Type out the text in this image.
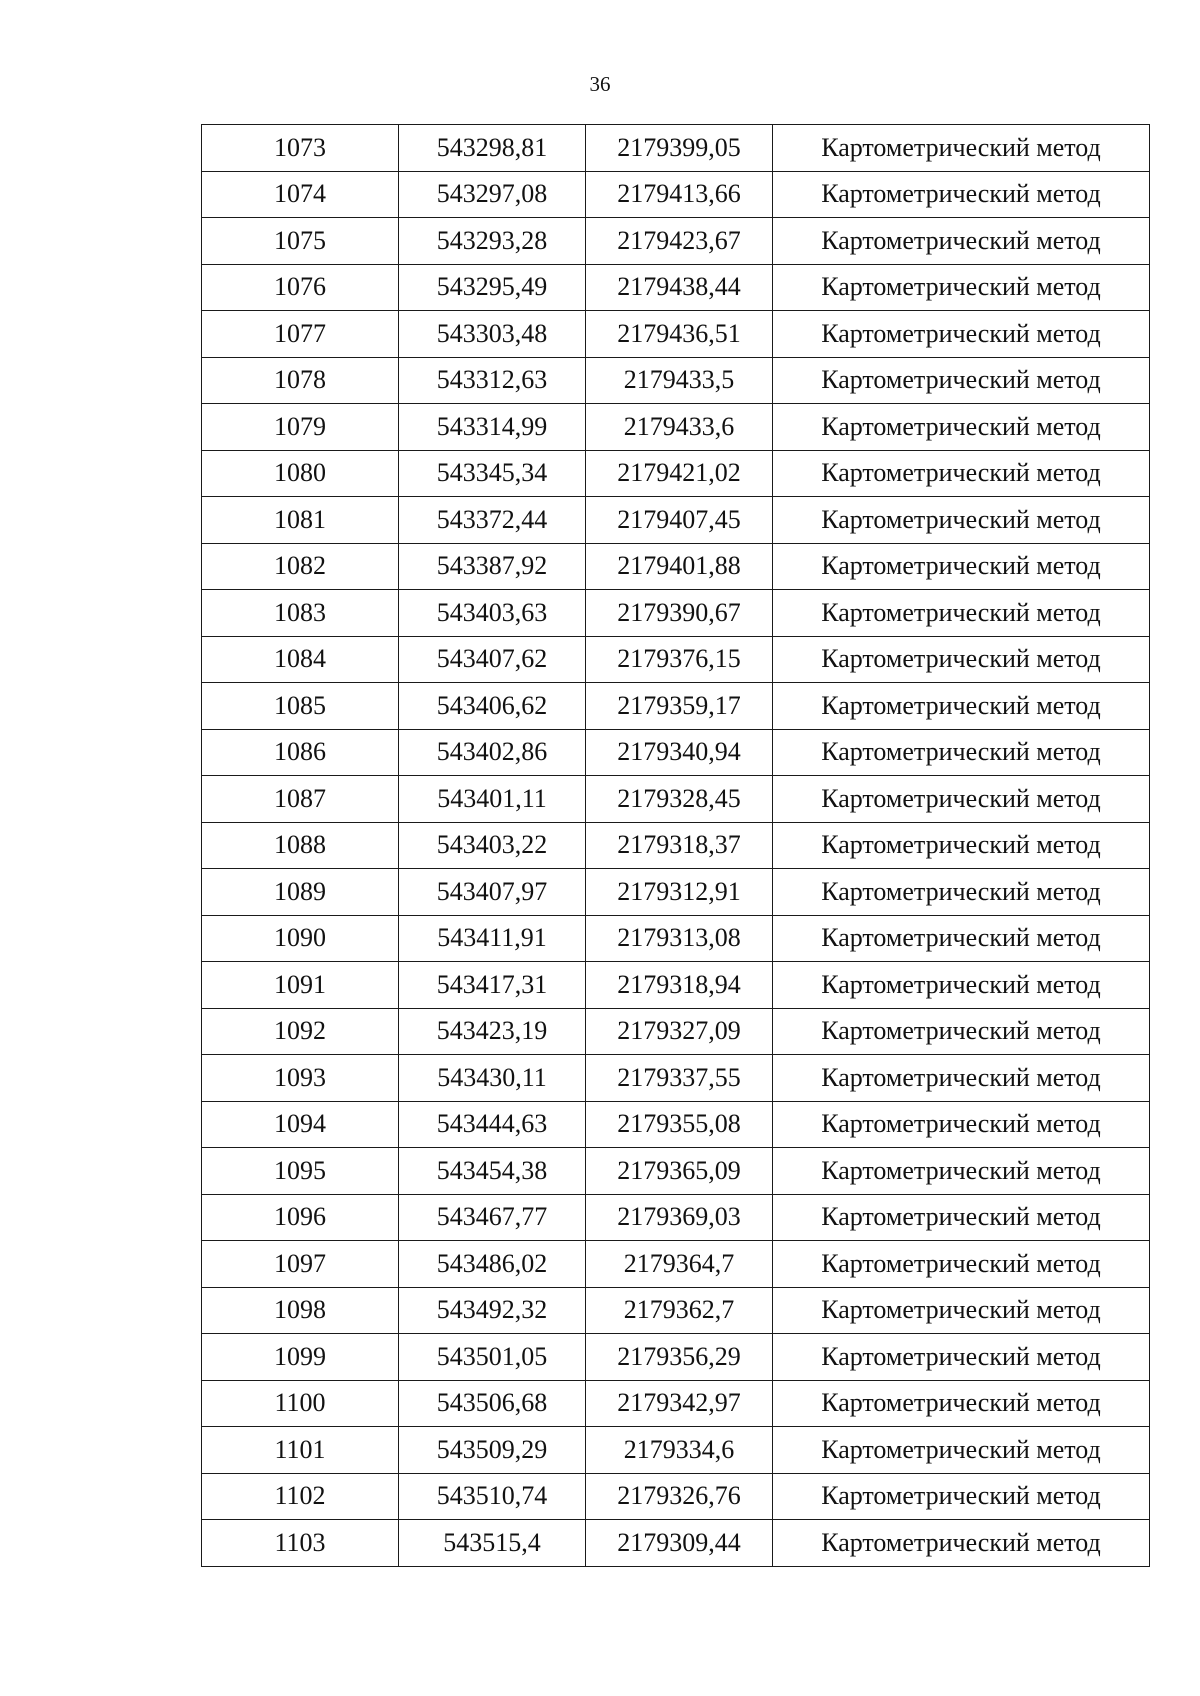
36
1073	543298,81	2179399,05	Картометрический метод
1074	543297,08	2179413,66	Картометрический метод
1075	543293,28	2179423,67	Картометрический метод
1076	543295,49	2179438,44	Картометрический метод
1077	543303,48	2179436,51	Картометрический метод
1078	543312,63	2179433,5	Картометрический метод
1079	543314,99	2179433,6	Картометрический метод
1080	543345,34	2179421,02	Картометрический метод
1081	543372,44	2179407,45	Картометрический метод
1082	543387,92	2179401,88	Картометрический метод
1083	543403,63	2179390,67	Картометрический метод
1084	543407,62	2179376,15	Картометрический метод
1085	543406,62	2179359,17	Картометрический метод
1086	543402,86	2179340,94	Картометрический метод
1087	543401,11	2179328,45	Картометрический метод
1088	543403,22	2179318,37	Картометрический метод
1089	543407,97	2179312,91	Картометрический метод
1090	543411,91	2179313,08	Картометрический метод
1091	543417,31	2179318,94	Картометрический метод
1092	543423,19	2179327,09	Картометрический метод
1093	543430,11	2179337,55	Картометрический метод
1094	543444,63	2179355,08	Картометрический метод
1095	543454,38	2179365,09	Картометрический метод
1096	543467,77	2179369,03	Картометрический метод
1097	543486,02	2179364,7	Картометрический метод
1098	543492,32	2179362,7	Картометрический метод
1099	543501,05	2179356,29	Картометрический метод
1100	543506,68	2179342,97	Картометрический метод
1101	543509,29	2179334,6	Картометрический метод
1102	543510,74	2179326,76	Картометрический метод
1103	543515,4	2179309,44	Картометрический метод
